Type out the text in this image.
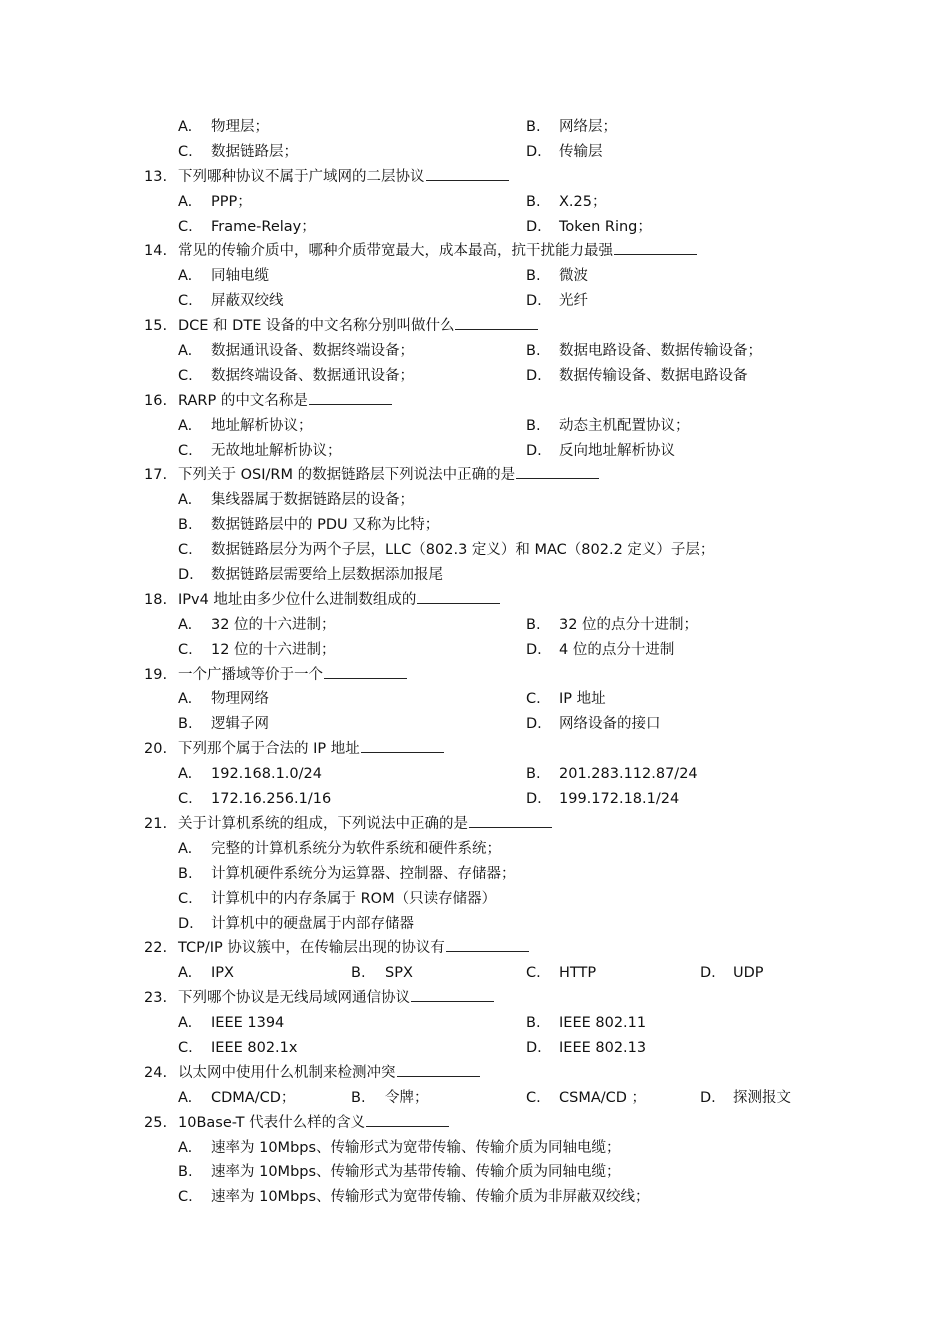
A. 物理层；	B. 网络层；
C. 数据链路层；	D. 传输层
13. 下列哪种协议不属于广域网的二层协议
A. PPP；	B. X.25；
C. Frame-Relay；	D. Token Ring；
14. 常见的传输介质中，哪种介质带宽最大，成本最高，抗干扰能力最强
A. 同轴电缆	B. 微波
C. 屏蔽双绞线	D. 光纤
15. DCE 和 DTE 设备的中文名称分别叫做什么
A. 数据通讯设备、数据终端设备；	B. 数据电路设备、数据传输设备；
C. 数据终端设备、数据通讯设备；	D. 数据传输设备、数据电路设备
16. RARP 的中文名称是
A. 地址解析协议；	B. 动态主机配置协议；
C. 无故地址解析协议；	D. 反向地址解析协议
17. 下列关于 OSI/RM 的数据链路层下列说法中正确的是
A. 集线器属于数据链路层的设备；
B. 数据链路层中的 PDU 又称为比特；
C. 数据链路层分为两个子层，LLC（802.3 定义）和 MAC（802.2 定义）子层；
D. 数据链路层需要给上层数据添加报尾
18. IPv4 地址由多少位什么进制数组成的
A. 32 位的十六进制；	B. 32 位的点分十进制；
C. 12 位的十六进制；	D. 4 位的点分十进制
19. 一个广播域等价于一个
A. 物理网络	C. IP 地址
B. 逻辑子网	D. 网络设备的接口
20. 下列那个属于合法的 IP 地址
A. 192.168.1.0/24	B. 201.283.112.87/24
C. 172.16.256.1/16	D. 199.172.18.1/24
21. 关于计算机系统的组成，下列说法中正确的是
A. 完整的计算机系统分为软件系统和硬件系统；
B. 计算机硬件系统分为运算器、控制器、存储器；
C. 计算机中的内存条属于 ROM（只读存储器）
D. 计算机中的硬盘属于内部存储器
22. TCP/IP 协议簇中，在传输层出现的协议有
A. IPX	B. SPX	C. HTTP	D. UDP
23. 下列哪个协议是无线局域网通信协议
A. IEEE 1394	B. IEEE 802.11
C. IEEE 802.1x	D. IEEE 802.13
24. 以太网中使用什么机制来检测冲突
A. CDMA/CD；	B. 令牌；	C. CSMA/CD ；	D. 探测报文
25. 10Base-T 代表什么样的含义
A. 速率为 10Mbps、传输形式为宽带传输、传输介质为同轴电缆；
B. 速率为 10Mbps、传输形式为基带传输、传输介质为同轴电缆；
C. 速率为 10Mbps、传输形式为宽带传输、传输介质为非屏蔽双绞线；
